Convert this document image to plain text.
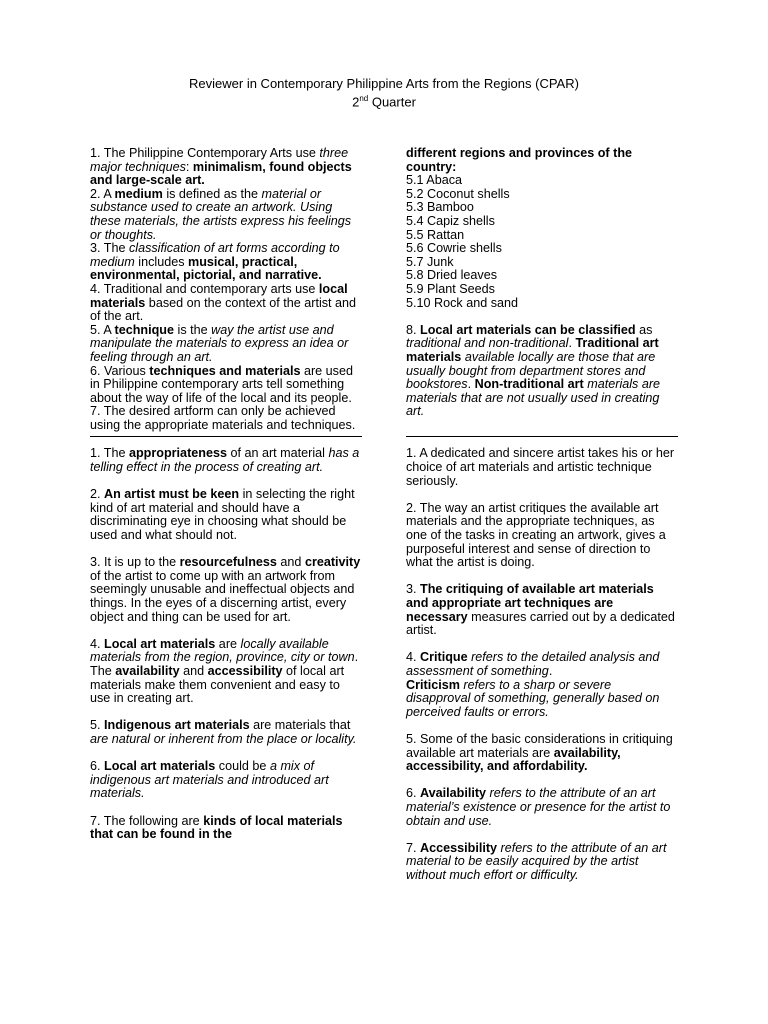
Reviewer in Contemporary Philippine Arts from the Regions (CPAR)
2nd Quarter

1. The Philippine Contemporary Arts use three major techniques: minimalism, found objects and large-scale art.

2. A medium is defined as the material or substance used to create an artwork. Using these materials, the artists express his feelings or thoughts.

3. The classification of art forms according to medium includes musical, practical, environmental, pictorial, and narrative.

4. Traditional and contemporary arts use local materials based on the context of the artist and of the art.

5. A technique is the way the artist use and manipulate the materials to express an idea or feeling through an art.

6. Various techniques and materials are used in Philippine contemporary arts tell something about the way of life of the local and its people.

7. The desired artform can only be achieved using the appropriate materials and techniques.

1. The appropriateness of an art material has a telling effect in the process of creating art.

2. An artist must be keen in selecting the right kind of art material and should have a discriminating eye in choosing what should be used and what should not.

3. It is up to the resourcefulness and creativity of the artist to come up with an artwork from seemingly unusable and ineffectual objects and things. In the eyes of a discerning artist, every object and thing can be used for art.

4. Local art materials are locally available materials from the region, province, city or town. The availability and accessibility of local art materials make them convenient and easy to use in creating art.

5. Indigenous art materials are materials that are natural or inherent from the place or locality.

6. Local art materials could be a mix of indigenous art materials and introduced art materials.

7. The following are kinds of local materials that can be found in the

different regions and provinces of the country:

5.1 Abaca

5.2 Coconut shells

5.3 Bamboo

5.4 Capiz shells

5.5 Rattan

5.6 Cowrie shells

5.7 Junk

5.8 Dried leaves

5.9 Plant Seeds

5.10 Rock and sand

8. Local art materials can be classified as traditional and non-traditional. Traditional art materials available locally are those that are usually bought from department stores and bookstores. Non-traditional art materials are materials that are not usually used in creating art.

1. A dedicated and sincere artist takes his or her choice of art materials and artistic technique seriously.

2. The way an artist critiques the available art materials and the appropriate techniques, as one of the tasks in creating an artwork, gives a purposeful interest and sense of direction to what the artist is doing.

3. The critiquing of available art materials and appropriate art techniques are necessary measures carried out by a dedicated artist.

4. Critique refers to the detailed analysis and assessment of something.

Criticism refers to a sharp or severe disapproval of something, generally based on perceived faults or errors.

5. Some of the basic considerations in critiquing available art materials are availability, accessibility, and affordability.

6. Availability refers to the attribute of an art material’s existence or presence for the artist to obtain and use.

7. Accessibility refers to the attribute of an art material to be easily acquired by the artist without much effort or difficulty.
